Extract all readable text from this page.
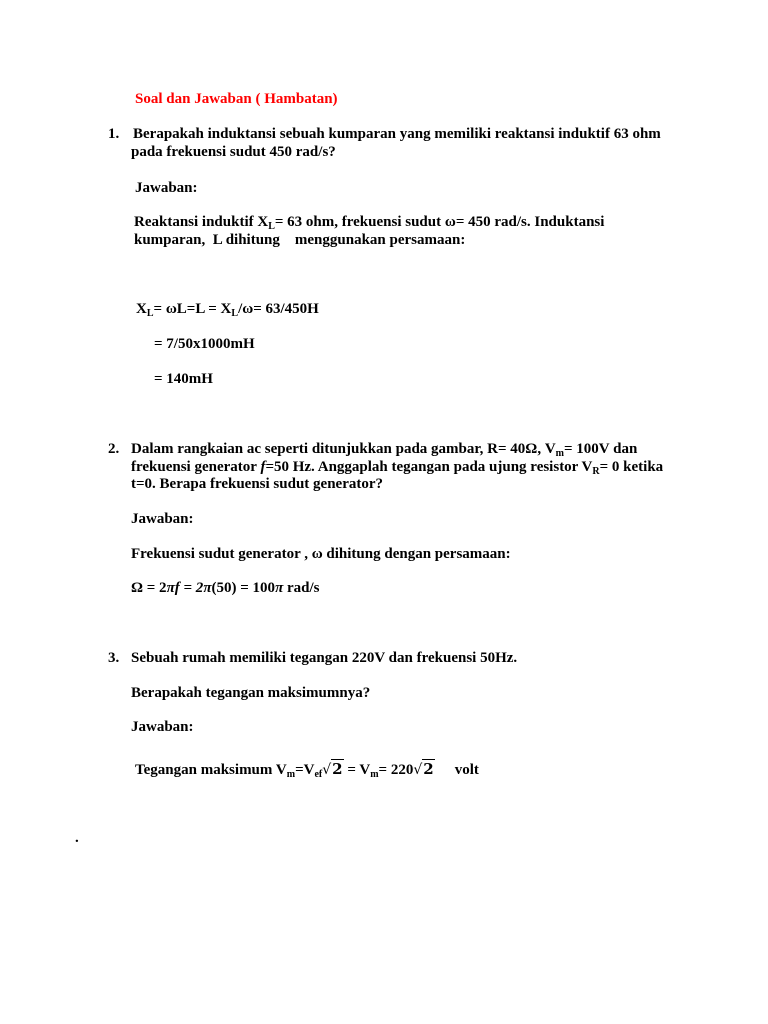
Soal dan Jawaban ( Hambatan)
1. Berapakah induktansi sebuah kumparan yang memiliki reaktansi induktif 63 ohm
pada frekuensi sudut 450 rad/s?
Jawaban:
Reaktansi induktif $X_L= 63$ ohm, frekuensi sudut ω= 450 rad/s. Induktansi
kumparan,  L dihitung    menggunakan persamaan:
$X_L= \omega L=L = X_L/\omega= 63/450H$
= 7/50x1000mH
= 140mH
2. Dalam rangkaian ac seperti ditunjukkan pada gambar, R= 40Ω, $V_m= 100V$ dan
frekuensi generator f=50 Hz. Anggaplah tegangan pada ujung resistor $V_R= 0$ ketika
t=0. Berapa frekuensi sudut generator?
Jawaban:
Frekuensi sudut generator , ω dihitung dengan persamaan:
Ω = 2πf = 2π(50) = 100π rad/s
3. Sebuah rumah memiliki tegangan 220V dan frekuensi 50Hz.
Berapakah tegangan maksimumnya?
Jawaban:
Tegangan maksimum $V_m=V_{ef}√2 = V_m= 220√2$ volt
.
